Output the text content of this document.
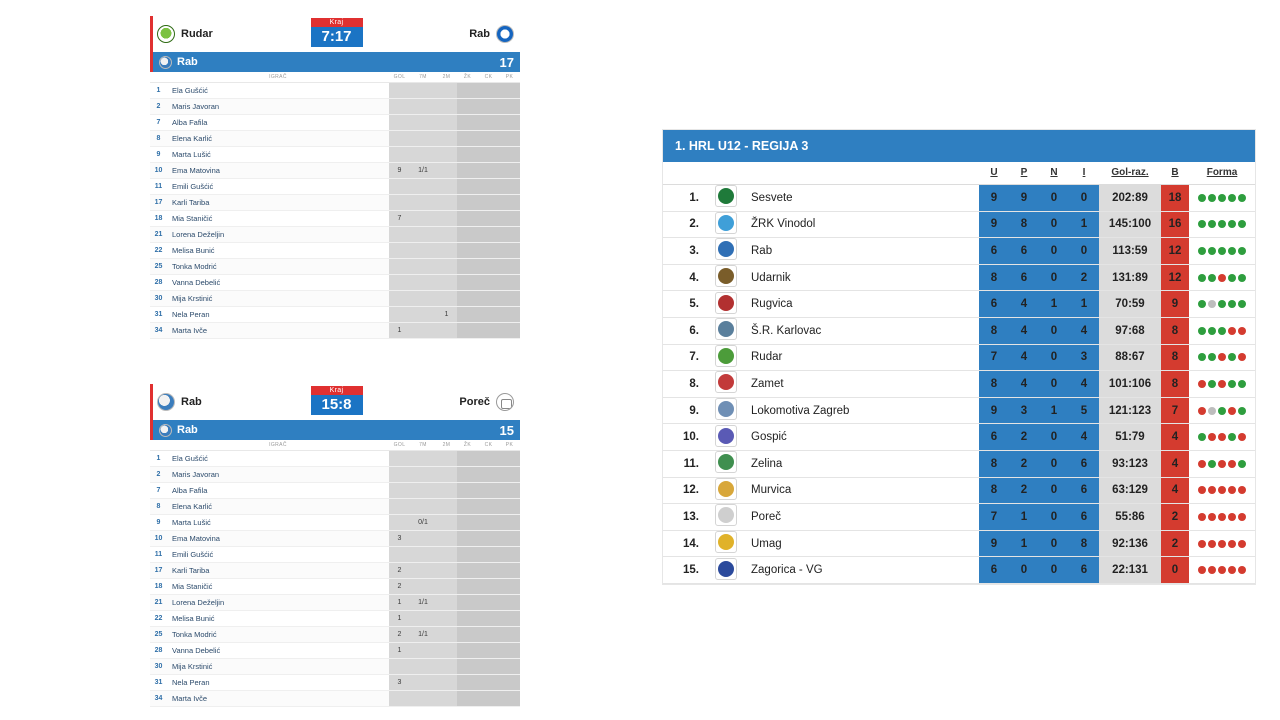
Rudar
Kraj
7:17	Rab
Rab	17
	IGRAČ	GOL	7M	2M	ŽK	CK	PK
1	Ela Gušćić						
2	Maris Javoran						
7	Alba Fafila						
8	Elena Karlić						
9	Marta Lušić						
10	Ema Matovina	9	1/1				
11	Emili Gušćić						
17	Karli Tariba						
18	Mia Staničić	7					
21	Lorena Deželjin						
22	Melisa Bunić						
25	Tonka Modrić						
28	Vanna Debelić						
30	Mija Krstinić						
31	Nela Peran			1			
34	Marta Ivče	1					
Rab
Kraj
15:8	Poreč
Rab	15
	IGRAČ	GOL	7M	2M	ŽK	CK	PK
1	Ela Gušćić						
2	Maris Javoran						
7	Alba Fafila						
8	Elena Karlić						
9	Marta Lušić		0/1				
10	Ema Matovina	3					
11	Emili Gušćić						
17	Karli Tariba	2					
18	Mia Staničić	2					
21	Lorena Deželjin	1	1/1				
22	Melisa Bunić	1					
25	Tonka Modrić	2	1/1				
28	Vanna Debelić	1					
30	Mija Krstinić						
31	Nela Peran	3					
34	Marta Ivče						
1. HRL U12 - REGIJA 3
			U	P	N	I	Gol-raz.	B	Forma
1.		Sesvete	9	9	0	0	202:89	18	

2.		ŽRK Vinodol	9	8	0	1	145:100	16	

3.		Rab	6	6	0	0	113:59	12	

4.		Udarnik	8	6	0	2	131:89	12	

5.		Rugvica	6	4	1	1	70:59	9	

6.		Š.R. Karlovac	8	4	0	4	97:68	8	

7.		Rudar	7	4	0	3	88:67	8	

8.		Zamet	8	4	0	4	101:106	8	

9.		Lokomotiva Zagreb	9	3	1	5	121:123	7	

10.		Gospić	6	2	0	4	51:79	4	

11.		Zelina	8	2	0	6	93:123	4	

12.		Murvica	8	2	0	6	63:129	4	

13.		Poreč	7	1	0	6	55:86	2	

14.		Umag	9	1	0	8	92:136	2	

15.		Zagorica - VG	6	0	0	6	22:131	0	
